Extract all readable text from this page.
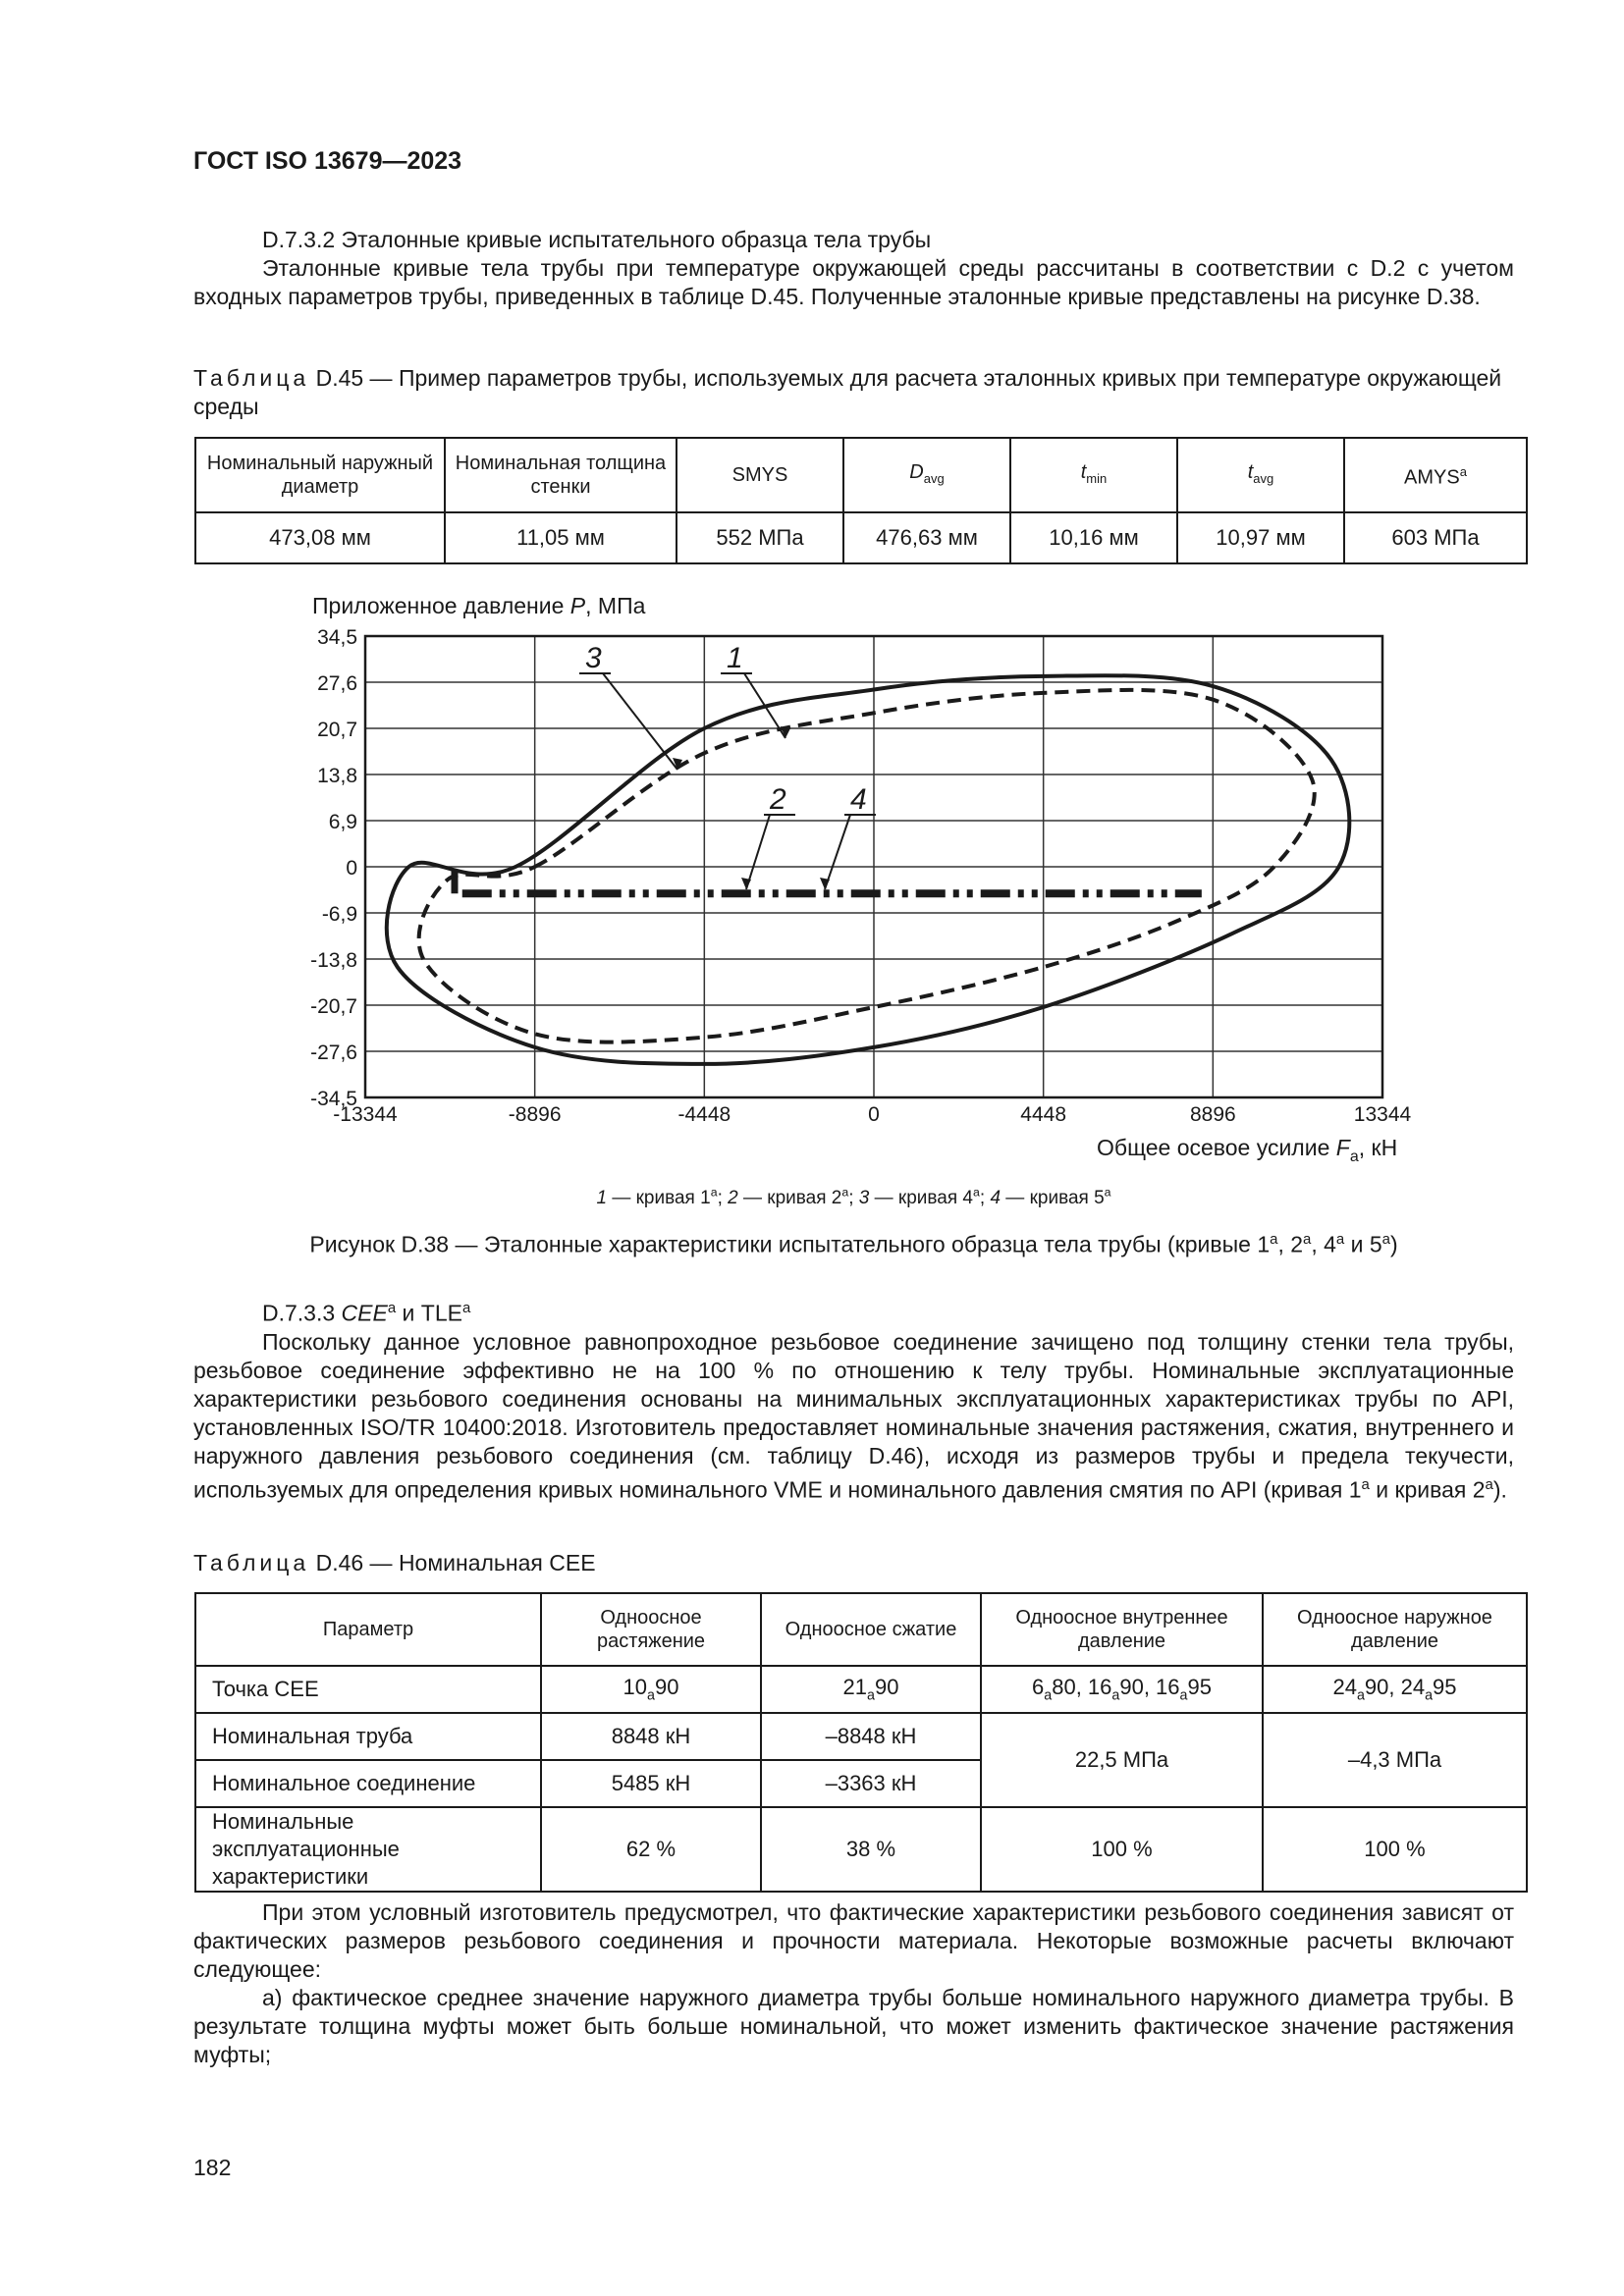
ГОСТ ISO 13679—2023
D.7.3.2 Эталонные кривые испытательного образца тела трубы
Эталонные кривые тела трубы при температуре окружающей среды рассчитаны в соответствии с D.2 с учетом входных параметров трубы, приведенных в таблице D.45. Полученные эталонные кривые представлены на рисунке D.38.
Таблица D.45 — Пример параметров трубы, используемых для расчета эталонных кривых при температуре окружающей среды
Номинальный наружный диаметр	Номинальная толщина стенки	SMYS	$D_{avg}$	$t_{min}$	$t_{avg}$	AMYS$^a$
473,08 мм	11,05 мм	552 МПа	476,63 мм	10,16 мм	10,97 мм	603 МПа
Приложенное давление P, МПа
34,5
27,6
20,7
13,8
6,9
0
-6,9
-13,8
-20,7
-27,6
-34,5
-13344	-8896	-4448	0	4448	8896	13344
3	1
2 4
Общее осевое усилие $F_a$, кН
1 — кривая 1$^a$; 2 — кривая 2$^a$; 3 — кривая 4$^a$; 4 — кривая 5$^a$
Рисунок D.38 — Эталонные характеристики испытательного образца тела трубы (кривые 1$^a$, 2$^a$, 4$^a$ и 5$^a$)
D.7.3.3 CEE$^a$ и TLE$^a$
Поскольку данное условное равнопроходное резьбовое соединение зачищено под толщину стенки тела трубы, резьбовое соединение эффективно не на 100 % по отношению к телу трубы. Номинальные эксплуатационные характеристики резьбового соединения основаны на минимальных эксплуатационных характеристиках трубы по API, установленных ISO/TR 10400:2018. Изготовитель предоставляет номинальные значения растяжения, сжатия, внутреннего и наружного давления резьбового соединения (см. таблицу D.46), исходя из размеров трубы и предела текучести, используемых для определения кривых номинального VME и номинального давления смятия по API (кривая 1$^a$ и кривая 2$^a$).
Таблица D.46 — Номинальная CEE
Параметр	Одноосное растяжение	Одноосное сжатие	Одноосное внутреннее давление	Одноосное наружное давление
Точка CEE	$10_a90$	$21_a90$	$6_a80$, $16_a90$, $16_a95$	$24_a90$, $24_a95$
Номинальная труба	8848 кН	–8848 кН	22,5 МПа	–4,3 МПа
Номинальное соединение	5485 кН	–3363 кН		
Номинальные эксплуатационные характеристики	62 %	38 %	100 %	100 %
При этом условный изготовитель предусмотрел, что фактические характеристики резьбового соединения зависят от фактических размеров резьбового соединения и прочности материала. Некоторые возможные расчеты включают следующее:
а) фактическое среднее значение наружного диаметра трубы больше номинального наружного диаметра трубы. В результате толщина муфты может быть больше номинальной, что может изменить фактическое значение растяжения муфты;
182
